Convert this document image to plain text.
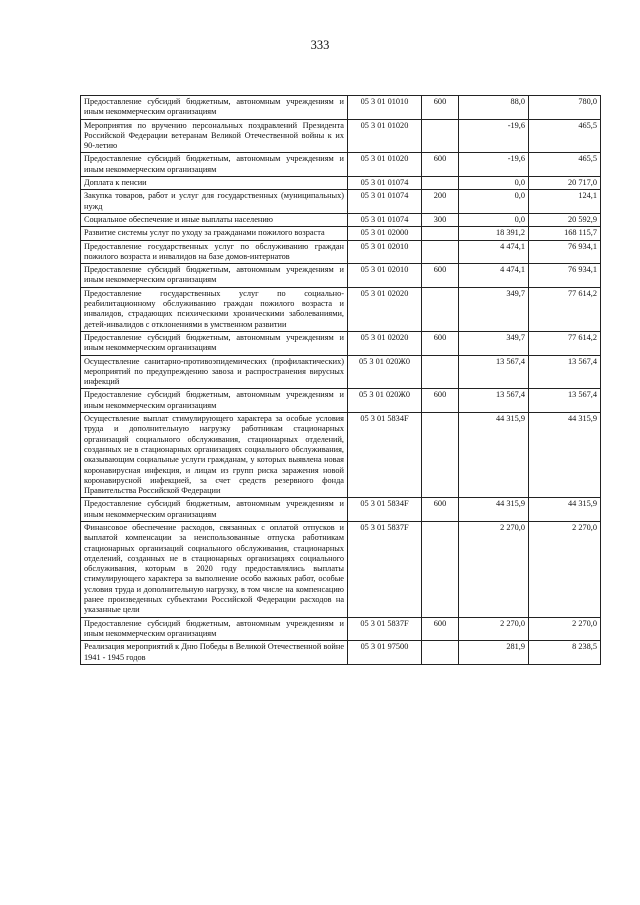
333
Предоставление субсидий бюджетным, автономным учреждениям и иным некоммерческим организациям	05 3 01 01010	600	88,0	780,0
Мероприятия по вручению персональных поздравлений Президента Российской Федерации ветеранам Великой Отечественной войны к их 90-летию	05 3 01 01020		-19,6	465,5
Предоставление субсидий бюджетным, автономным учреждениям и иным некоммерческим организациям	05 3 01 01020	600	-19,6	465,5
Доплата к пенсии	05 3 01 01074		0,0	20 717,0
Закупка товаров, работ и услуг для государственных (муниципальных) нужд	05 3 01 01074	200	0,0	124,1
Социальное обеспечение и иные выплаты населению	05 3 01 01074	300	0,0	20 592,9
Развитие системы услуг по уходу за гражданами пожилого возраста	05 3 01 02000		18 391,2	168 115,7
Предоставление государственных услуг по обслуживанию граждан пожилого возраста и инвалидов на базе домов-интернатов	05 3 01 02010		4 474,1	76 934,1
Предоставление субсидий бюджетным, автономным учреждениям и иным некоммерческим организациям	05 3 01 02010	600	4 474,1	76 934,1
Предоставление государственных услуг по социально-реабилитационному обслуживанию граждан пожилого возраста и инвалидов, страдающих психическими хроническими заболеваниями, детей-инвалидов с отклонениями в умственном развитии	05 3 01 02020		349,7	77 614,2
Предоставление субсидий бюджетным, автономным учреждениям и иным некоммерческим организациям	05 3 01 02020	600	349,7	77 614,2
Осуществление санитарно-противоэпидемических (профилактических) мероприятий по предупреждению завоза и распространения вирусных инфекций	05 3 01 020Ж0		13 567,4	13 567,4
Предоставление субсидий бюджетным, автономным учреждениям и иным некоммерческим организациям	05 3 01 020Ж0	600	13 567,4	13 567,4
Осуществление выплат стимулирующего характера за особые условия труда и дополнительную нагрузку работникам стационарных организаций социального обслуживания, стационарных отделений, созданных не в стационарных организациях социального обслуживания, оказывающим социальные услуги гражданам, у которых выявлена новая коронавирусная инфекция, и лицам из групп риска заражения новой коронавирусной инфекцией, за счет средств резервного фонда Правительства Российской Федерации	05 3 01 5834F		44 315,9	44 315,9
Предоставление субсидий бюджетным, автономным учреждениям и иным некоммерческим организациям	05 3 01 5834F	600	44 315,9	44 315,9
Финансовое обеспечение расходов, связанных с оплатой отпусков и выплатой компенсации за неиспользованные отпуска работникам стационарных организаций социального обслуживания, стационарных отделений, созданных не в стационарных организациях социального обслуживания, которым в 2020 году предоставлялись выплаты стимулирующего характера за выполнение особо важных работ, особые условия труда и дополнительную нагрузку, в том числе на компенсацию ранее произведенных субъектами Российской Федерации расходов на указанные цели	05 3 01 5837F		2 270,0	2 270,0
Предоставление субсидий бюджетным, автономным учреждениям и иным некоммерческим организациям	05 3 01 5837F	600	2 270,0	2 270,0
Реализация мероприятий к Дню Победы в Великой Отечественной войне 1941 - 1945 годов	05 3 01 97500		281,9	8 238,5
